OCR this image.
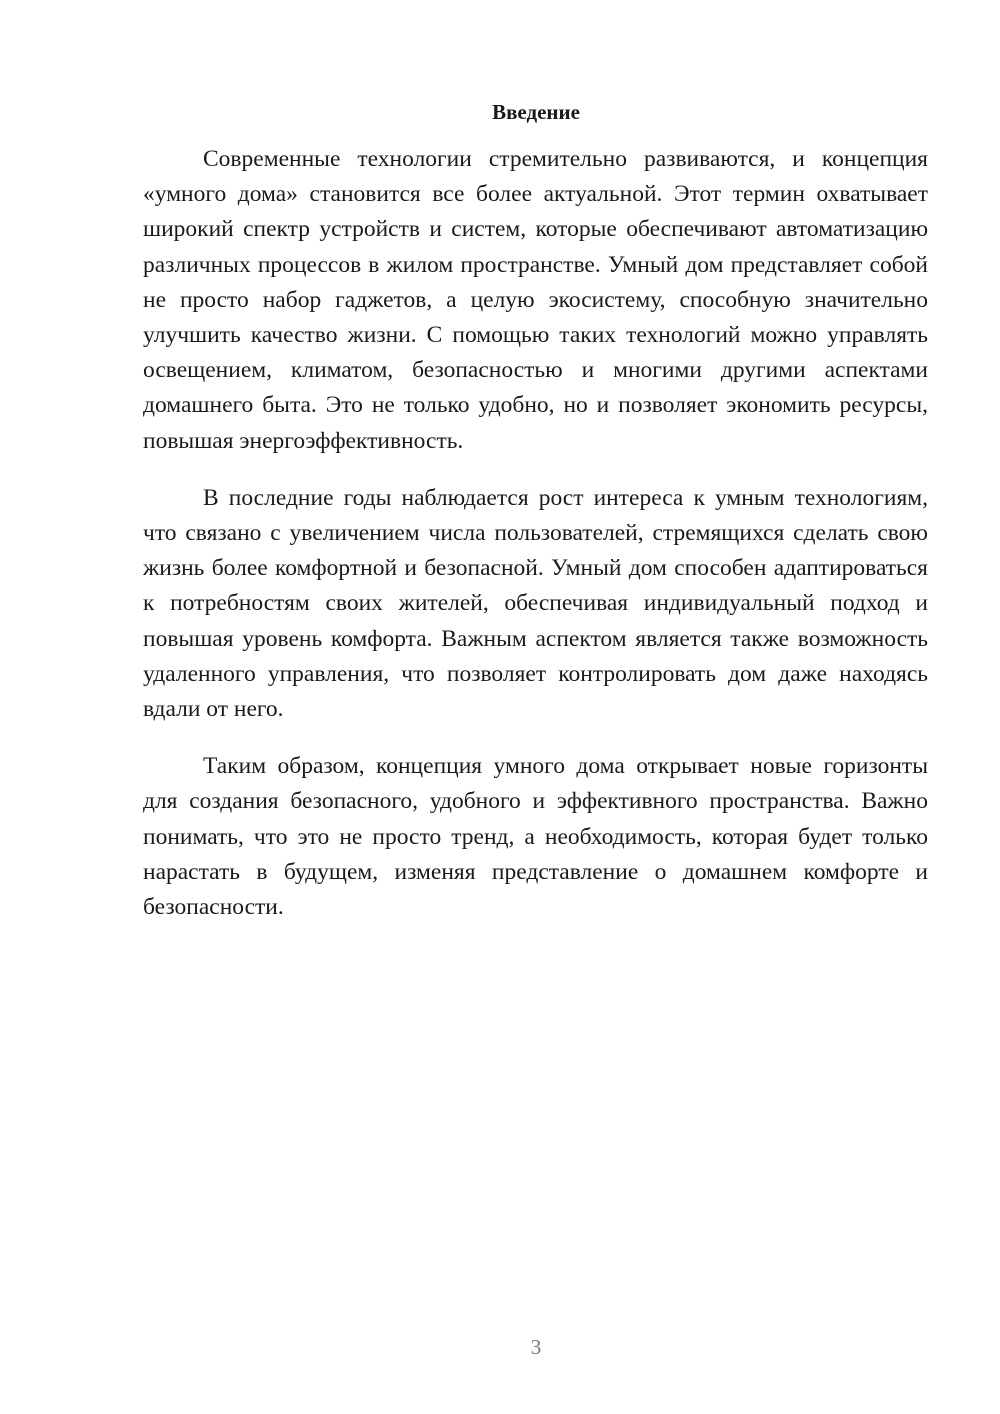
Введение

Современные технологии стремительно развиваются, и концепция «умного дома» становится все более актуальной. Этот термин охватывает широкий спектр устройств и систем, которые обеспечивают автоматизацию различных процессов в жилом пространстве. Умный дом представляет собой не просто набор гаджетов, а целую экосистему, способную значительно улучшить качество жизни. С помощью таких технологий можно управлять освещением, климатом, безопасностью и многими другими аспектами домашнего быта. Это не только удобно, но и позволяет экономить ресурсы, повышая энергоэффективность.

В последние годы наблюдается рост интереса к умным технологиям, что связано с увеличением числа пользователей, стремящихся сделать свою жизнь более комфортной и безопасной. Умный дом способен адаптироваться к потребностям своих жителей, обеспечивая индивидуальный подход и повышая уровень комфорта. Важным аспектом является также возможность удаленного управления, что позволяет контролировать дом даже находясь вдали от него.

Таким образом, концепция умного дома открывает новые горизонты для создания безопасного, удобного и эффективного пространства. Важно понимать, что это не просто тренд, а необходимость, которая будет только нарастать в будущем, изменяя представление о домашнем комфорте и безопасности.

3
